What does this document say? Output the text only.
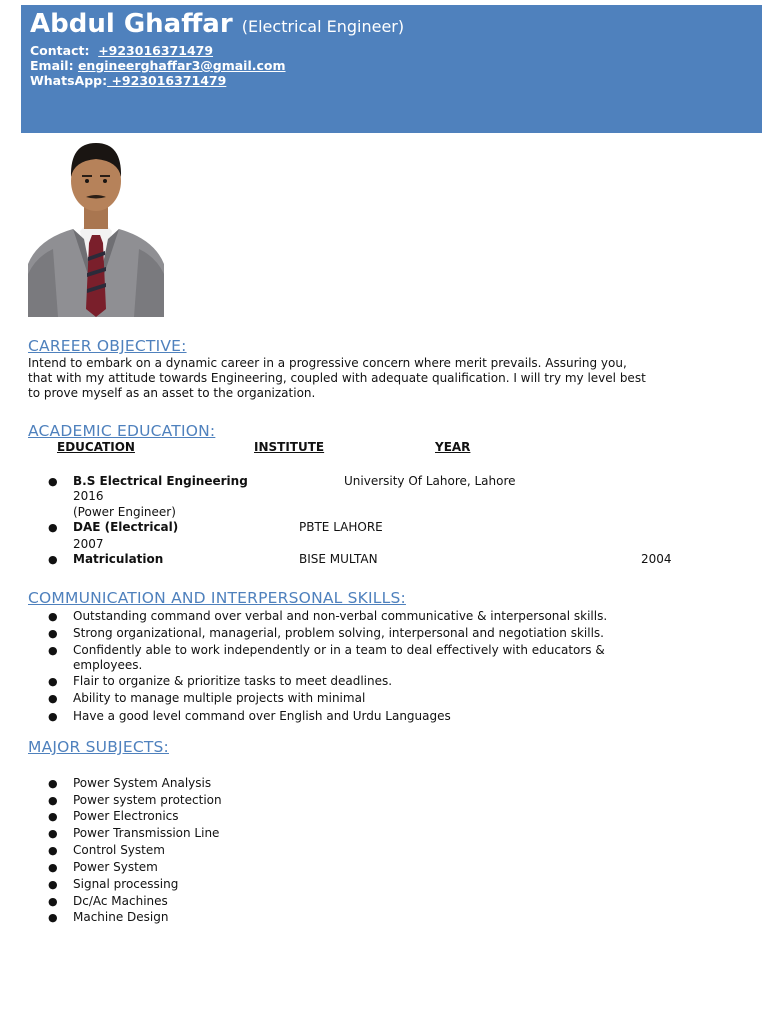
Abdul Ghaffar (Electrical Engineer)
Contact: +923016371479
Email: engineerghaffar3@gmail.com
WhatsApp: +923016371479
CAREER OBJECTIVE:
Intend to embark on a dynamic career in a progressive concern where merit prevails. Assuring you,
that with my attitude towards Engineering, coupled with adequate qualification. I will try my level best
to prove myself as an asset to the organization.
ACADEMIC EDUCATION:
EDUCATION	INSTITUTE	YEAR
● B.S Electrical Engineering	University Of Lahore, Lahore
2016
(Power Engineer)
● DAE (Electrical)	PBTE LAHORE
2007
● Matriculation	BISE MULTAN	2004
COMMUNICATION AND INTERPERSONAL SKILLS:
● Outstanding command over verbal and non-verbal communicative & interpersonal skills.
● Strong organizational, managerial, problem solving, interpersonal and negotiation skills.
● Confidently able to work independently or in a team to deal effectively with educators &
employees.
● Flair to organize & prioritize tasks to meet deadlines.
● Ability to manage multiple projects with minimal
● Have a good level command over English and Urdu Languages
MAJOR SUBJECTS:
● Power System Analysis
● Power system protection
● Power Electronics
● Power Transmission Line
● Control System
● Power System
● Signal processing
● Dc/Ac Machines
● Machine Design
